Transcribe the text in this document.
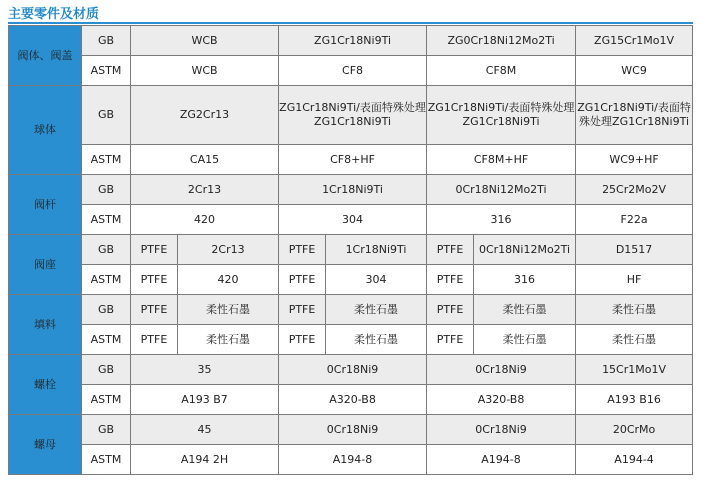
主要零件及材质
阀体、阀盖	GB	WCB		ZG1Cr18Ni9Ti		ZG0Cr18Ni12Mo2Ti		ZG15Cr1Mo1V
	ASTM	WCB		CF8		CF8M		WC9
球体	GB	ZG2Cr13		ZG1Cr18Ni9Ti/表面特殊处理ZG1Cr18Ni9Ti		ZG1Cr18Ni9Ti/表面特殊处理ZG1Cr18Ni9Ti		ZG1Cr18Ni9Ti/表面特殊处理ZG1Cr18Ni9Ti
	ASTM	CA15		CF8+HF		CF8M+HF		WC9+HF
阀杆	GB	2Cr13		1Cr18Ni9Ti		0Cr18Ni12Mo2Ti		25Cr2Mo2V
	ASTM	420		304		316		F22a
阀座	GB	PTFE	2Cr13	PTFE	1Cr18Ni9Ti	PTFE	0Cr18Ni12Mo2Ti	D1517
	ASTM	PTFE	420	PTFE	304	PTFE	316	HF
填料	GB	PTFE	柔性石墨	PTFE	柔性石墨	PTFE	柔性石墨	柔性石墨
	ASTM	PTFE	柔性石墨	PTFE	柔性石墨	PTFE	柔性石墨	柔性石墨
螺栓	GB	35		0Cr18Ni9		0Cr18Ni9		15Cr1Mo1V
	ASTM	A193 B7		A320-B8		A320-B8		A193 B16
螺母	GB	45		0Cr18Ni9		0Cr18Ni9		20CrMo
	ASTM	A194 2H		A194-8		A194-8		A194-4
